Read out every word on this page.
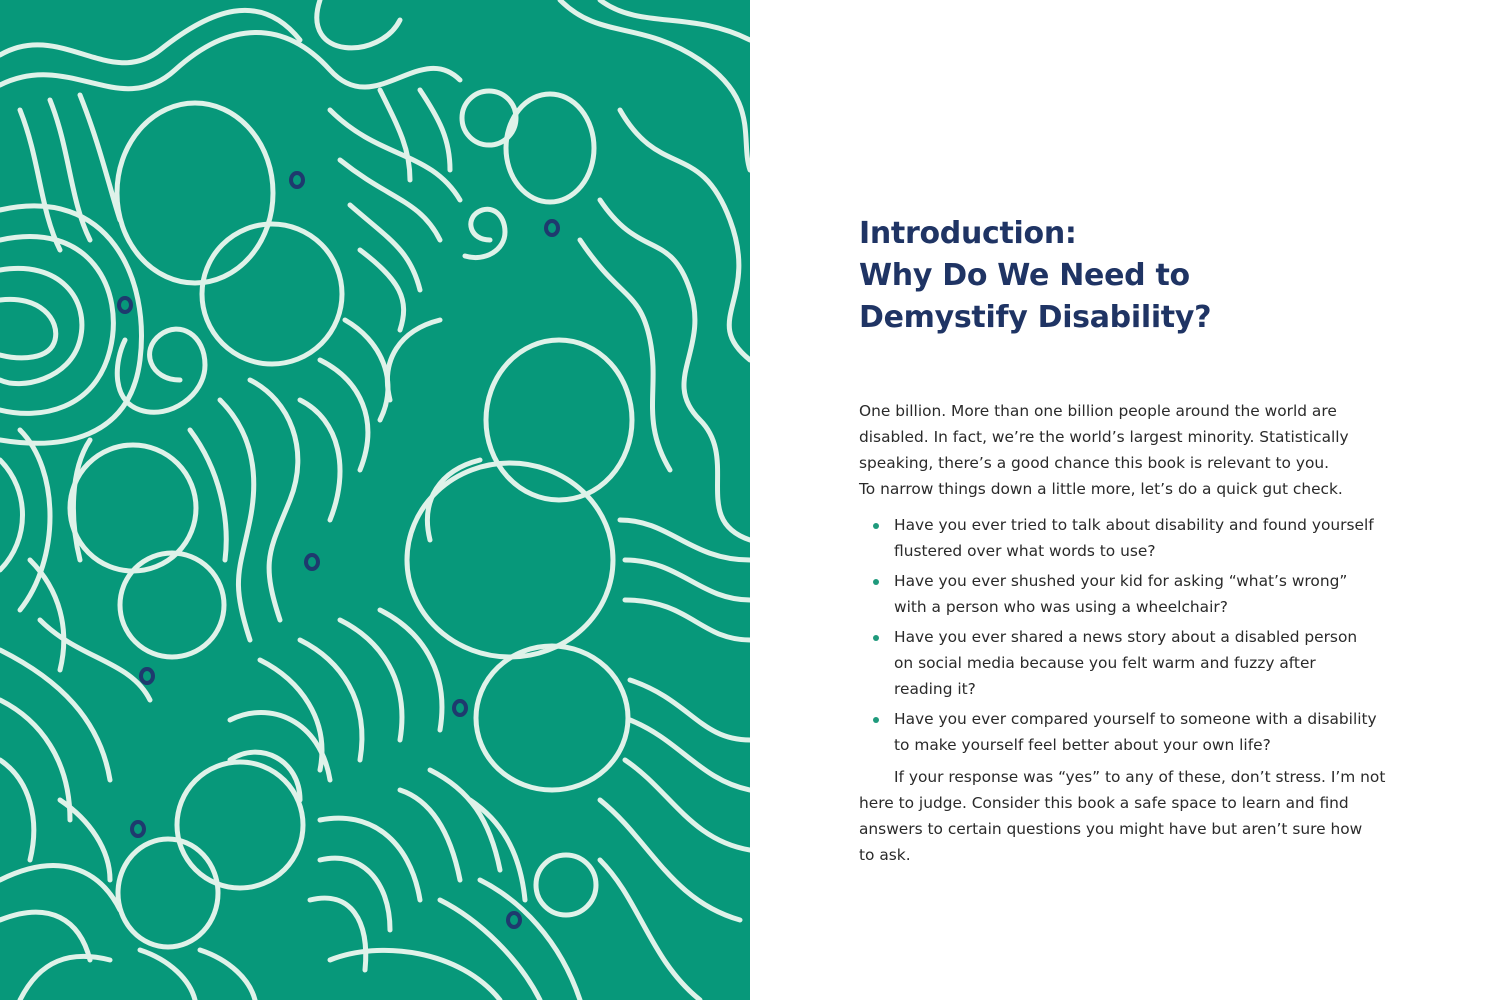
Introduction:
Why Do We Need to
Demystify Disability?
One billion. More than one billion people around the world are
disabled. In fact, we’re the world’s largest minority. Statistically
speaking, there’s a good chance this book is relevant to you.
To narrow things down a little more, let’s do a quick gut check.
Have you ever tried to talk about disability and found yourself
flustered over what words to use?
Have you ever shushed your kid for asking “what’s wrong”
with a person who was using a wheelchair?
Have you ever shared a news story about a disabled person
on social media because you felt warm and fuzzy after
reading it?
Have you ever compared yourself to someone with a disability
to make yourself feel better about your own life?
If your response was “yes” to any of these, don’t stress. I’m not
here to judge. Consider this book a safe space to learn and find
answers to certain questions you might have but aren’t sure how
to ask.
